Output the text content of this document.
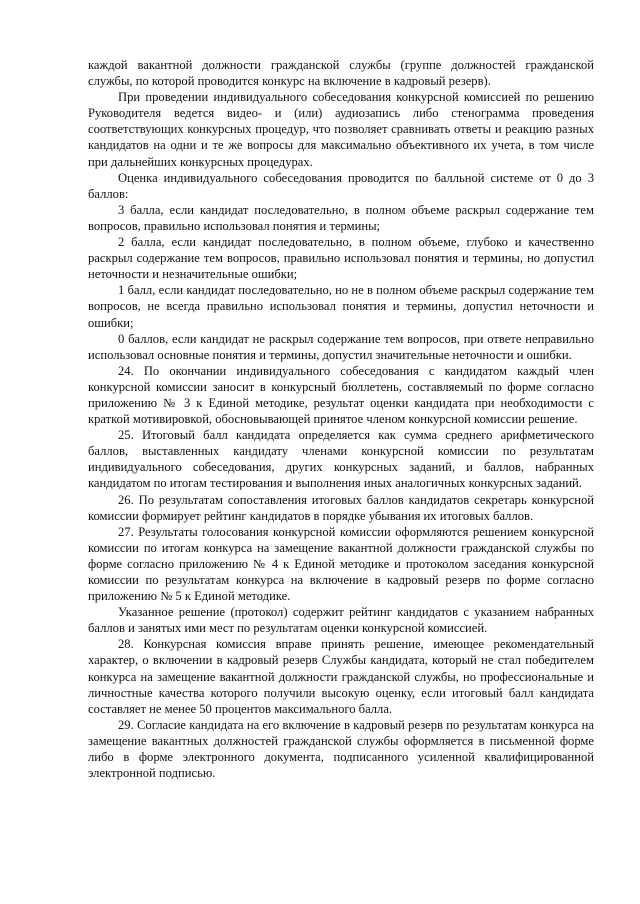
каждой вакантной должности гражданской службы (группе должностей гражданской службы, по которой проводится конкурс на включение в кадровый резерв).

При проведении индивидуального собеседования конкурсной комиссией по решению Руководителя ведется видео- и (или) аудиозапись либо стенограмма проведения соответствующих конкурсных процедур, что позволяет сравнивать ответы и реакцию разных кандидатов на одни и те же вопросы для максимально объективного их учета, в том числе при дальнейших конкурсных процедурах.

Оценка индивидуального собеседования проводится по балльной системе от 0 до 3 баллов:

3 балла, если кандидат последовательно, в полном объеме раскрыл содержание тем вопросов, правильно использовал понятия и термины;

2 балла, если кандидат последовательно, в полном объеме, глубоко и качественно раскрыл содержание тем вопросов, правильно использовал понятия и термины, но допустил неточности и незначительные ошибки;

1 балл, если кандидат последовательно, но не в полном объеме раскрыл содержание тем вопросов, не всегда правильно использовал понятия и термины, допустил неточности и ошибки;

0 баллов, если кандидат не раскрыл содержание тем вопросов, при ответе неправильно использовал основные понятия и термины, допустил значительные неточности и ошибки.

24. По окончании индивидуального собеседования с кандидатом каждый член конкурсной комиссии заносит в конкурсный бюллетень, составляемый по форме согласно приложению № 3 к Единой методике, результат оценки кандидата при необходимости с краткой мотивировкой, обосновывающей принятое членом конкурсной комиссии решение.

25. Итоговый балл кандидата определяется как сумма среднего арифметического баллов, выставленных кандидату членами конкурсной комиссии по результатам индивидуального собеседования, других конкурсных заданий, и баллов, набранных кандидатом по итогам тестирования и выполнения иных аналогичных конкурсных заданий.

26. По результатам сопоставления итоговых баллов кандидатов секретарь конкурсной комиссии формирует рейтинг кандидатов в порядке убывания их итоговых баллов.

27. Результаты голосования конкурсной комиссии оформляются решением конкурсной комиссии по итогам конкурса на замещение вакантной должности гражданской службы по форме согласно приложению № 4 к Единой методике и протоколом заседания конкурсной комиссии по результатам конкурса на включение в кадровый резерв по форме согласно приложению № 5 к Единой методике.

Указанное решение (протокол) содержит рейтинг кандидатов с указанием набранных баллов и занятых ими мест по результатам оценки конкурсной комиссией.

28. Конкурсная комиссия вправе принять решение, имеющее рекомендательный характер, о включении в кадровый резерв Службы кандидата, который не стал победителем конкурса на замещение вакантной должности гражданской службы, но профессиональные и личностные качества которого получили высокую оценку, если итоговый балл кандидата составляет не менее 50 процентов максимального балла.

29. Согласие кандидата на его включение в кадровый резерв по результатам конкурса на замещение вакантных должностей гражданской службы оформляется в письменной форме либо в форме электронного документа, подписанного усиленной квалифицированной электронной подписью.
